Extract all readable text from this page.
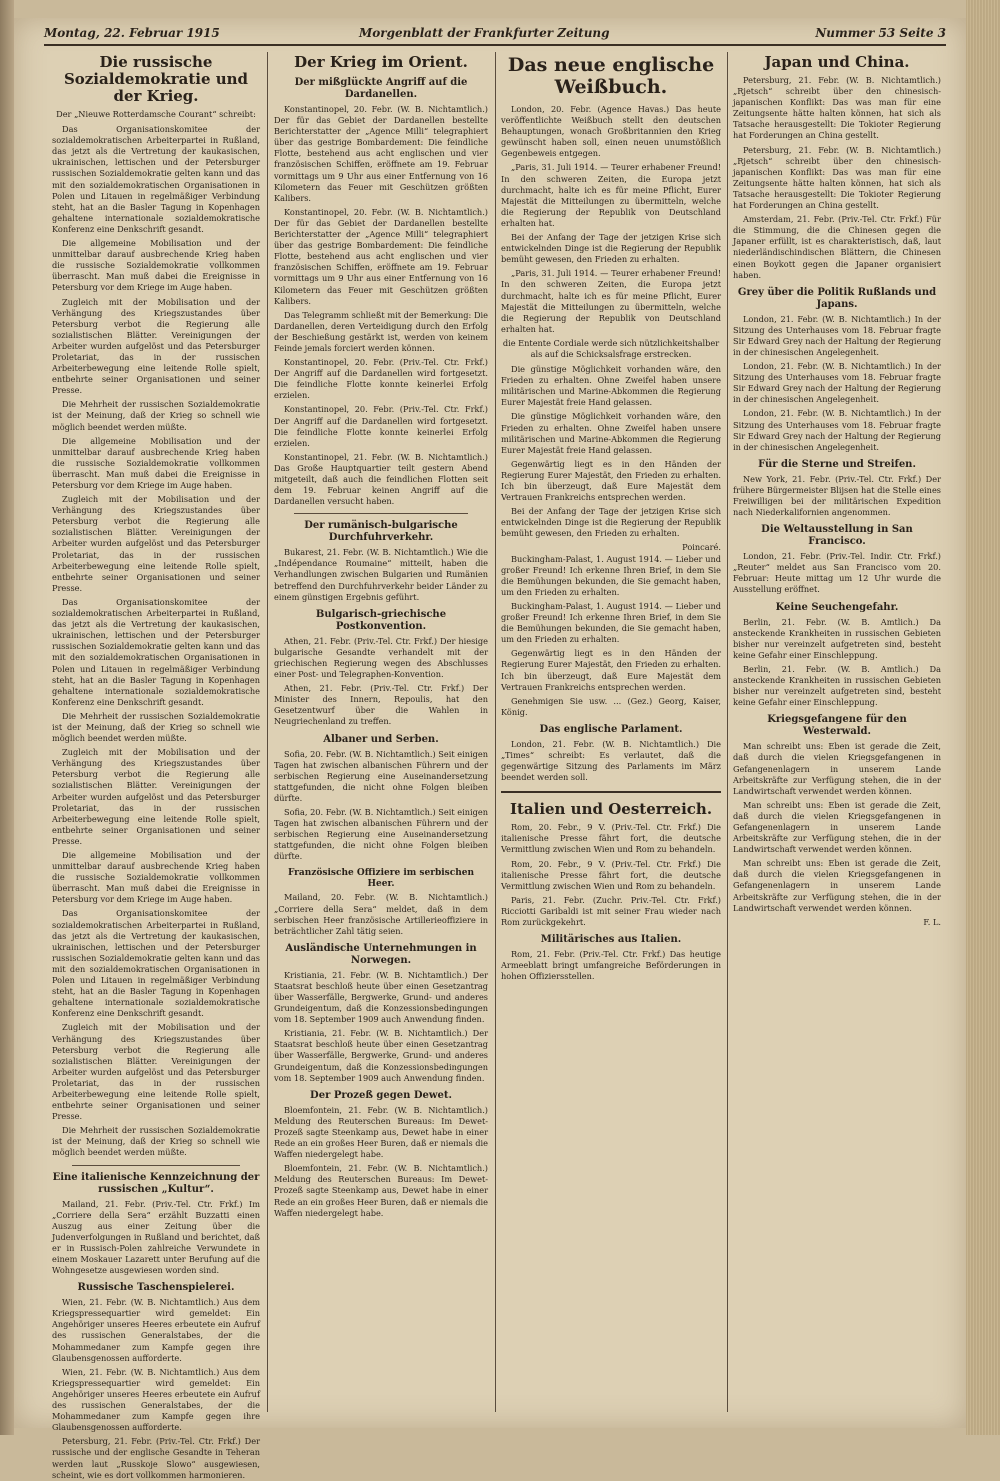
Montag, 22. Februar 1915	Morgenblatt der Frankfurter Zeitung	Nummer 53 Seite 3
Die russische Sozialdemokratie und der Krieg.
Der „Nieuwe Rotterdamsche Courant“ schreibt:

Das Organisationskomitee der sozialdemokratischen Arbeiterpartei in Rußland, das jetzt als die Vertretung der kaukasischen, ukrainischen, lettischen und der Petersburger russischen Sozialdemokratie gelten kann und das mit den sozialdemokratischen Organisationen in Polen und Litauen in regelmäßiger Verbindung steht, hat an die Basler Tagung in Kopenhagen gehaltene internationale sozialdemokratische Konferenz eine Denkschrift gesandt.

Die allgemeine Mobilisation und der unmittelbar darauf ausbrechende Krieg haben die russische Sozialdemokratie vollkommen überrascht. Man muß dabei die Ereignisse in Petersburg vor dem Kriege im Auge haben.

Zugleich mit der Mobilisation und der Verhängung des Kriegszustandes über Petersburg verbot die Regierung alle sozialistischen Blätter. Vereinigungen der Arbeiter wurden aufgelöst und das Petersburger Proletariat, das in der russischen Arbeiterbewegung eine leitende Rolle spielt, entbehrte seiner Organisationen und seiner Presse.

Die Mehrheit der russischen Sozialdemokratie ist der Meinung, daß der Krieg so schnell wie möglich beendet werden müßte.

Die allgemeine Mobilisation und der unmittelbar darauf ausbrechende Krieg haben die russische Sozialdemokratie vollkommen überrascht. Man muß dabei die Ereignisse in Petersburg vor dem Kriege im Auge haben.

Zugleich mit der Mobilisation und der Verhängung des Kriegszustandes über Petersburg verbot die Regierung alle sozialistischen Blätter. Vereinigungen der Arbeiter wurden aufgelöst und das Petersburger Proletariat, das in der russischen Arbeiterbewegung eine leitende Rolle spielt, entbehrte seiner Organisationen und seiner Presse.

Das Organisationskomitee der sozialdemokratischen Arbeiterpartei in Rußland, das jetzt als die Vertretung der kaukasischen, ukrainischen, lettischen und der Petersburger russischen Sozialdemokratie gelten kann und das mit den sozialdemokratischen Organisationen in Polen und Litauen in regelmäßiger Verbindung steht, hat an die Basler Tagung in Kopenhagen gehaltene internationale sozialdemokratische Konferenz eine Denkschrift gesandt.

Die Mehrheit der russischen Sozialdemokratie ist der Meinung, daß der Krieg so schnell wie möglich beendet werden müßte.

Zugleich mit der Mobilisation und der Verhängung des Kriegszustandes über Petersburg verbot die Regierung alle sozialistischen Blätter. Vereinigungen der Arbeiter wurden aufgelöst und das Petersburger Proletariat, das in der russischen Arbeiterbewegung eine leitende Rolle spielt, entbehrte seiner Organisationen und seiner Presse.

Die allgemeine Mobilisation und der unmittelbar darauf ausbrechende Krieg haben die russische Sozialdemokratie vollkommen überrascht. Man muß dabei die Ereignisse in Petersburg vor dem Kriege im Auge haben.

Das Organisationskomitee der sozialdemokratischen Arbeiterpartei in Rußland, das jetzt als die Vertretung der kaukasischen, ukrainischen, lettischen und der Petersburger russischen Sozialdemokratie gelten kann und das mit den sozialdemokratischen Organisationen in Polen und Litauen in regelmäßiger Verbindung steht, hat an die Basler Tagung in Kopenhagen gehaltene internationale sozialdemokratische Konferenz eine Denkschrift gesandt.

Zugleich mit der Mobilisation und der Verhängung des Kriegszustandes über Petersburg verbot die Regierung alle sozialistischen Blätter. Vereinigungen der Arbeiter wurden aufgelöst und das Petersburger Proletariat, das in der russischen Arbeiterbewegung eine leitende Rolle spielt, entbehrte seiner Organisationen und seiner Presse.

Die Mehrheit der russischen Sozialdemokratie ist der Meinung, daß der Krieg so schnell wie möglich beendet werden müßte.

Eine italienische Kennzeichnung der russischen „Kultur“.

Mailand, 21. Febr. (Priv.-Tel. Ctr. Frkf.) Im „Corriere della Sera“ erzählt Buzzatti einen Auszug aus einer Zeitung über die Judenverfolgungen in Rußland und berichtet, daß er in Russisch-Polen zahlreiche Verwundete in einem Moskauer Lazarett unter Berufung auf die Wohngesetze ausgewiesen worden sind.

Russische Taschenspielerei.

Wien, 21. Febr. (W. B. Nichtamtlich.) Aus dem Kriegspressequartier wird gemeldet: Ein Angehöriger unseres Heeres erbeutete ein Aufruf des russischen Generalstabes, der die Mohammedaner zum Kampfe gegen ihre Glaubensgenossen aufforderte.

Wien, 21. Febr. (W. B. Nichtamtlich.) Aus dem Kriegspressequartier wird gemeldet: Ein Angehöriger unseres Heeres erbeutete ein Aufruf des russischen Generalstabes, der die Mohammedaner zum Kampfe gegen ihre Glaubensgenossen aufforderte.

Petersburg, 21. Febr. (Priv.-Tel. Ctr. Frkf.) Der russische und der englische Gesandte in Teheran werden laut „Russkoje Slowo“ ausgewiesen, scheint, wie es dort vollkommen harmonieren.

Der Krieg im Orient.
Der mißglückte Angriff auf die Dardanellen.

Konstantinopel, 20. Febr. (W. B. Nichtamtlich.) Der für das Gebiet der Dardanellen bestellte Berichterstatter der „Agence Milli“ telegraphiert über das gestrige Bombardement: Die feindliche Flotte, bestehend aus acht englischen und vier französischen Schiffen, eröffnete am 19. Februar vormittags um 9 Uhr aus einer Entfernung von 16 Kilometern das Feuer mit Geschützen größten Kalibers.

Konstantinopel, 20. Febr. (W. B. Nichtamtlich.) Der für das Gebiet der Dardanellen bestellte Berichterstatter der „Agence Milli“ telegraphiert über das gestrige Bombardement: Die feindliche Flotte, bestehend aus acht englischen und vier französischen Schiffen, eröffnete am 19. Februar vormittags um 9 Uhr aus einer Entfernung von 16 Kilometern das Feuer mit Geschützen größten Kalibers.

Das Telegramm schließt mit der Bemerkung: Die Dardanellen, deren Verteidigung durch den Erfolg der Beschießung gestärkt ist, werden von keinem Feinde jemals forciert werden können.

Konstantinopel, 20. Febr. (Priv.-Tel. Ctr. Frkf.) Der Angriff auf die Dardanellen wird fortgesetzt. Die feindliche Flotte konnte keinerlei Erfolg erzielen.

Konstantinopel, 20. Febr. (Priv.-Tel. Ctr. Frkf.) Der Angriff auf die Dardanellen wird fortgesetzt. Die feindliche Flotte konnte keinerlei Erfolg erzielen.

Konstantinopel, 21. Febr. (W. B. Nichtamtlich.) Das Große Hauptquartier teilt gestern Abend mitgeteilt, daß auch die feindlichen Flotten seit dem 19. Februar keinen Angriff auf die Dardanellen versucht haben.

Der rumänisch-bulgarische Durchfuhrverkehr.

Bukarest, 21. Febr. (W. B. Nichtamtlich.) Wie die „Indépendance Roumaine“ mitteilt, haben die Verhandlungen zwischen Bulgarien und Rumänien betreffend den Durchfuhrverkehr beider Länder zu einem günstigen Ergebnis geführt.

Bulgarisch-griechische Postkonvention.

Athen, 21. Febr. (Priv.-Tel. Ctr. Frkf.) Der hiesige bulgarische Gesandte verhandelt mit der griechischen Regierung wegen des Abschlusses einer Post- und Telegraphen-Konvention.

Athen, 21. Febr. (Priv.-Tel. Ctr. Frkf.) Der Minister des Innern, Repoulis, hat den Gesetzentwurf über die Wahlen in Neugriechenland zu treffen.

Albaner und Serben.

Sofia, 20. Febr. (W. B. Nichtamtlich.) Seit einigen Tagen hat zwischen albanischen Führern und der serbischen Regierung eine Auseinandersetzung stattgefunden, die nicht ohne Folgen bleiben dürfte.

Sofia, 20. Febr. (W. B. Nichtamtlich.) Seit einigen Tagen hat zwischen albanischen Führern und der serbischen Regierung eine Auseinandersetzung stattgefunden, die nicht ohne Folgen bleiben dürfte.

Französische Offiziere im serbischen Heer.

Mailand, 20. Febr. (W. B. Nichtamtlich.) „Corriere della Sera“ meldet, daß in dem serbischen Heer französische Artillerieoffiziere in beträchtlicher Zahl tätig seien.

Ausländische Unternehmungen in Norwegen.

Kristiania, 21. Febr. (W. B. Nichtamtlich.) Der Staatsrat beschloß heute über einen Gesetzantrag über Wasserfälle, Bergwerke, Grund- und anderes Grundeigentum, daß die Konzessionsbedingungen vom 18. September 1909 auch Anwendung finden.

Kristiania, 21. Febr. (W. B. Nichtamtlich.) Der Staatsrat beschloß heute über einen Gesetzantrag über Wasserfälle, Bergwerke, Grund- und anderes Grundeigentum, daß die Konzessionsbedingungen vom 18. September 1909 auch Anwendung finden.

Der Prozeß gegen Dewet.

Bloemfontein, 21. Febr. (W. B. Nichtamtlich.) Meldung des Reuterschen Bureaus: Im Dewet-Prozeß sagte Steenkamp aus, Dewet habe in einer Rede an ein großes Heer Buren, daß er niemals die Waffen niedergelegt habe.

Bloemfontein, 21. Febr. (W. B. Nichtamtlich.) Meldung des Reuterschen Bureaus: Im Dewet-Prozeß sagte Steenkamp aus, Dewet habe in einer Rede an ein großes Heer Buren, daß er niemals die Waffen niedergelegt habe.

Das neue englische Weißbuch.

London, 20. Febr. (Agence Havas.) Das heute veröffentlichte Weißbuch stellt den deutschen Behauptungen, wonach Großbritannien den Krieg gewünscht haben soll, einen neuen unumstößlich Gegenbeweis entgegen.

„Paris, 31. Juli 1914. — Teurer erhabener Freund! In den schweren Zeiten, die Europa jetzt durchmacht, halte ich es für meine Pflicht, Eurer Majestät die Mitteilungen zu übermitteln, welche die Regierung der Republik von Deutschland erhalten hat.

Bei der Anfang der Tage der jetzigen Krise sich entwickelnden Dinge ist die Regierung der Republik bemüht gewesen, den Frieden zu erhalten.

„Paris, 31. Juli 1914. — Teurer erhabener Freund! In den schweren Zeiten, die Europa jetzt durchmacht, halte ich es für meine Pflicht, Eurer Majestät die Mitteilungen zu übermitteln, welche die Regierung der Republik von Deutschland erhalten hat.

die Entente Cordiale werde sich nützlichkeitshalber als auf die Schicksalsfrage erstrecken.

Die günstige Möglichkeit vorhanden wäre, den Frieden zu erhalten. Ohne Zweifel haben unsere militärischen und Marine-Abkommen die Regierung Eurer Majestät freie Hand gelassen.

Die günstige Möglichkeit vorhanden wäre, den Frieden zu erhalten. Ohne Zweifel haben unsere militärischen und Marine-Abkommen die Regierung Eurer Majestät freie Hand gelassen.

Gegenwärtig liegt es in den Händen der Regierung Eurer Majestät, den Frieden zu erhalten. Ich bin überzeugt, daß Eure Majestät dem Vertrauen Frankreichs entsprechen werden.

Bei der Anfang der Tage der jetzigen Krise sich entwickelnden Dinge ist die Regierung der Republik bemüht gewesen, den Frieden zu erhalten.

Poincaré.

Buckingham-Palast, 1. August 1914. — Lieber und großer Freund! Ich erkenne Ihren Brief, in dem Sie die Bemühungen bekunden, die Sie gemacht haben, um den Frieden zu erhalten.

Buckingham-Palast, 1. August 1914. — Lieber und großer Freund! Ich erkenne Ihren Brief, in dem Sie die Bemühungen bekunden, die Sie gemacht haben, um den Frieden zu erhalten.

Gegenwärtig liegt es in den Händen der Regierung Eurer Majestät, den Frieden zu erhalten. Ich bin überzeugt, daß Eure Majestät dem Vertrauen Frankreichs entsprechen werden.

Genehmigen Sie usw. ... (Gez.) Georg, Kaiser, König.

Das englische Parlament.

London, 21. Febr. (W. B. Nichtamtlich.) Die „Times“ schreibt: Es verlautet, daß die gegenwärtige Sitzung des Parlaments im März beendet werden soll.

Italien und Oesterreich.

Rom, 20. Febr., 9 V. (Priv.-Tel. Ctr. Frkf.) Die italienische Presse fährt fort, die deutsche Vermittlung zwischen Wien und Rom zu behandeln.

Rom, 20. Febr., 9 V. (Priv.-Tel. Ctr. Frkf.) Die italienische Presse fährt fort, die deutsche Vermittlung zwischen Wien und Rom zu behandeln.

Paris, 21. Febr. (Zuchr. Priv.-Tel. Ctr. Frkf.) Ricciotti Garibaldi ist mit seiner Frau wieder nach Rom zurückgekehrt.

Militärisches aus Italien.

Rom, 21. Febr. (Priv.-Tel. Ctr. Frkf.) Das heutige Armeeblatt bringt umfangreiche Beförderungen in hohen Offiziersstellen.

Japan und China.

Petersburg, 21. Febr. (W. B. Nichtamtlich.) „Rjetsch“ schreibt über den chinesisch-japanischen Konflikt: Das was man für eine Zeitungsente hätte halten können, hat sich als Tatsache herausgestellt: Die Tokioter Regierung hat Forderungen an China gestellt.

Petersburg, 21. Febr. (W. B. Nichtamtlich.) „Rjetsch“ schreibt über den chinesisch-japanischen Konflikt: Das was man für eine Zeitungsente hätte halten können, hat sich als Tatsache herausgestellt: Die Tokioter Regierung hat Forderungen an China gestellt.

Amsterdam, 21. Febr. (Priv.-Tel. Ctr. Frkf.) Für die Stimmung, die die Chinesen gegen die Japaner erfüllt, ist es charakteristisch, daß, laut niederländischindischen Blättern, die Chinesen einen Boykott gegen die Japaner organisiert haben.

Grey über die Politik Rußlands und Japans.

London, 21. Febr. (W. B. Nichtamtlich.) In der Sitzung des Unterhauses vom 18. Februar fragte Sir Edward Grey nach der Haltung der Regierung in der chinesischen Angelegenheit.

London, 21. Febr. (W. B. Nichtamtlich.) In der Sitzung des Unterhauses vom 18. Februar fragte Sir Edward Grey nach der Haltung der Regierung in der chinesischen Angelegenheit.

London, 21. Febr. (W. B. Nichtamtlich.) In der Sitzung des Unterhauses vom 18. Februar fragte Sir Edward Grey nach der Haltung der Regierung in der chinesischen Angelegenheit.

Für die Sterne und Streifen.

New York, 21. Febr. (Priv.-Tel. Ctr. Frkf.) Der frühere Bürgermeister Blijsen hat die Stelle eines Freiwilligen bei der militärischen Expedition nach Niederkalifornien angenommen.

Die Weltausstellung in San Francisco.

London, 21. Febr. (Priv.-Tel. Indir. Ctr. Frkf.) „Reuter“ meldet aus San Francisco vom 20. Februar: Heute mittag um 12 Uhr wurde die Ausstellung eröffnet.

Keine Seuchengefahr.

Berlin, 21. Febr. (W. B. Amtlich.) Da ansteckende Krankheiten in russischen Gebieten bisher nur vereinzelt aufgetreten sind, besteht keine Gefahr einer Einschleppung.

Berlin, 21. Febr. (W. B. Amtlich.) Da ansteckende Krankheiten in russischen Gebieten bisher nur vereinzelt aufgetreten sind, besteht keine Gefahr einer Einschleppung.

Kriegsgefangene für den Westerwald.

Man schreibt uns: Eben ist gerade die Zeit, daß durch die vielen Kriegsgefangenen in Gefangenenlagern in unserem Lande Arbeitskräfte zur Verfügung stehen, die in der Landwirtschaft verwendet werden können.

Man schreibt uns: Eben ist gerade die Zeit, daß durch die vielen Kriegsgefangenen in Gefangenenlagern in unserem Lande Arbeitskräfte zur Verfügung stehen, die in der Landwirtschaft verwendet werden können.

Man schreibt uns: Eben ist gerade die Zeit, daß durch die vielen Kriegsgefangenen in Gefangenenlagern in unserem Lande Arbeitskräfte zur Verfügung stehen, die in der Landwirtschaft verwendet werden können.

F. L.
